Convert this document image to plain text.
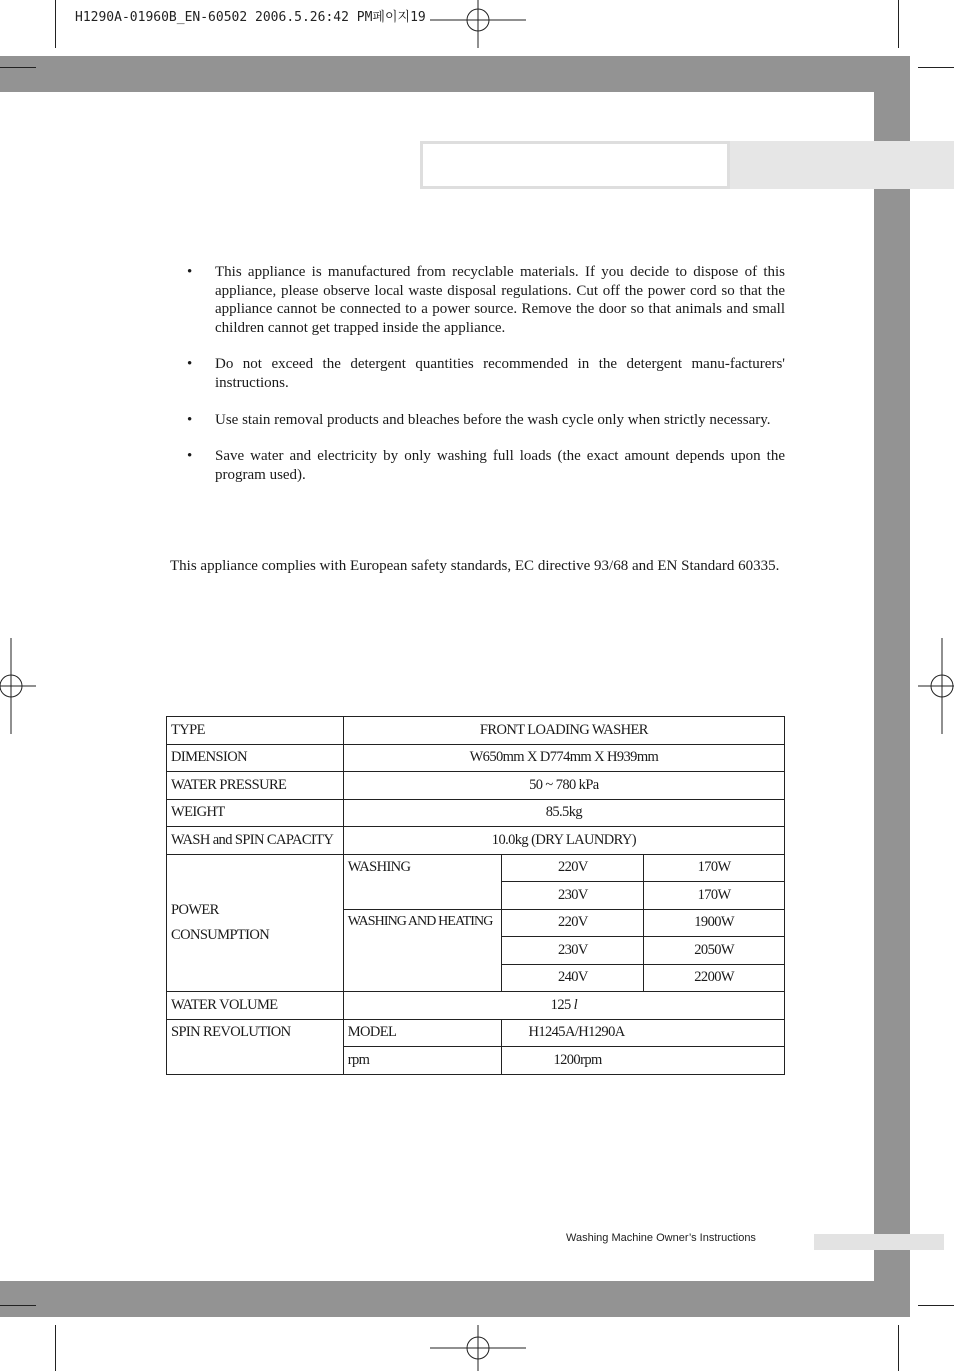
H1290A-01960B_EN-60502 2006.5.26:42 PM페이지19
• This appliance is manufactured from recyclable materials. If you decide to dispose of this appliance, please observe local waste disposal regulations. Cut off the power cord so that the appliance cannot be connected to a power source. Remove the door so that animals and small children cannot get trapped inside the appliance.
• Do not exceed the detergent quantities recommended in the detergent manu-facturers' instructions.
• Use stain removal products and bleaches before the wash cycle only when strictly necessary.
• Save water and electricity by only washing full loads (the exact amount depends upon the program used).
This appliance complies with European safety standards, EC directive 93/68 and EN Standard 60335.
TYPE	FRONT LOADING WASHER		
DIMENSION	W650mm X D774mm X H939mm		
WATER PRESSURE	50 ~ 780 kPa		
WEIGHT	85.5kg		
WASH and SPIN CAPACITY	10.0kg (DRY LAUNDRY)		

POWER
CONSUMPTION	WASHING	220V	170W
		230V	170W
	WASHING AND HEATING	220V	1900W
		230V	2050W
		240V	2200W
WATER VOLUME	125 l		
SPIN REVOLUTION	MODEL	H1245A/H1290A	
	rpm	1200rpm	
Washing Machine Owner’s Instructions
